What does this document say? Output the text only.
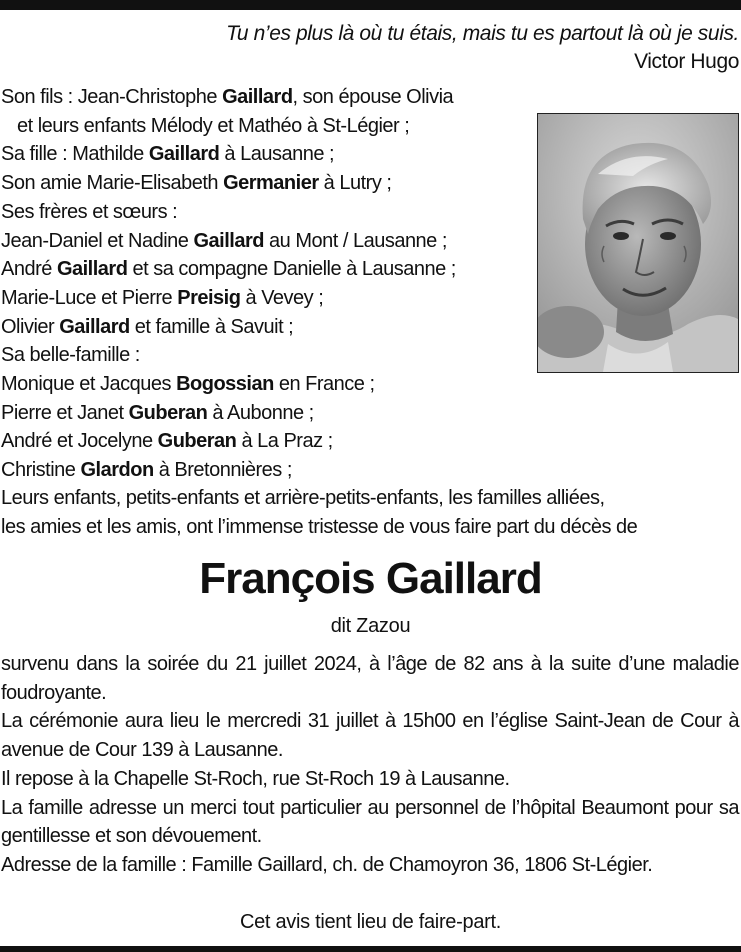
Tu n’es plus là où tu étais, mais tu es partout là où je suis.
Victor Hugo
Son fils : Jean-Christophe Gaillard, son épouse Olivia
et leurs enfants Mélody et Mathéo à St-Légier ;
Sa fille : Mathilde Gaillard à Lausanne ;
Son amie Marie-Elisabeth Germanier à Lutry ;
Ses frères et sœurs :
Jean-Daniel et Nadine Gaillard au Mont / Lausanne ;
André Gaillard et sa compagne Danielle à Lausanne ;
Marie-Luce et Pierre Preisig à Vevey ;
Olivier Gaillard et famille à Savuit ;
Sa belle-famille :
Monique et Jacques Bogossian en France ;
Pierre et Janet Guberan à Aubonne ;
André et Jocelyne Guberan à La Praz ;
Christine Glardon à Bretonnières ;
Leurs enfants, petits-enfants et arrière-petits-enfants, les familles alliées,
les amies et les amis, ont l’immense tristesse de vous faire part du décès de
François Gaillard
dit Zazou

survenu dans la soirée du 21 juillet 2024, à l’âge de 82 ans à la suite d’une maladie foudroyante.

La cérémonie aura lieu le mercredi 31 juillet à 15h00 en l’église Saint-Jean de Cour à avenue de Cour 139 à Lausanne.

Il repose à la Chapelle St-Roch, rue St-Roch 19 à Lausanne.

La famille adresse un merci tout particulier au personnel de l’hôpital Beaumont pour sa gentillesse et son dévouement.

Adresse de la famille : Famille Gaillard, ch. de Chamoyron 36, 1806 St-Légier.

Cet avis tient lieu de faire-part.
